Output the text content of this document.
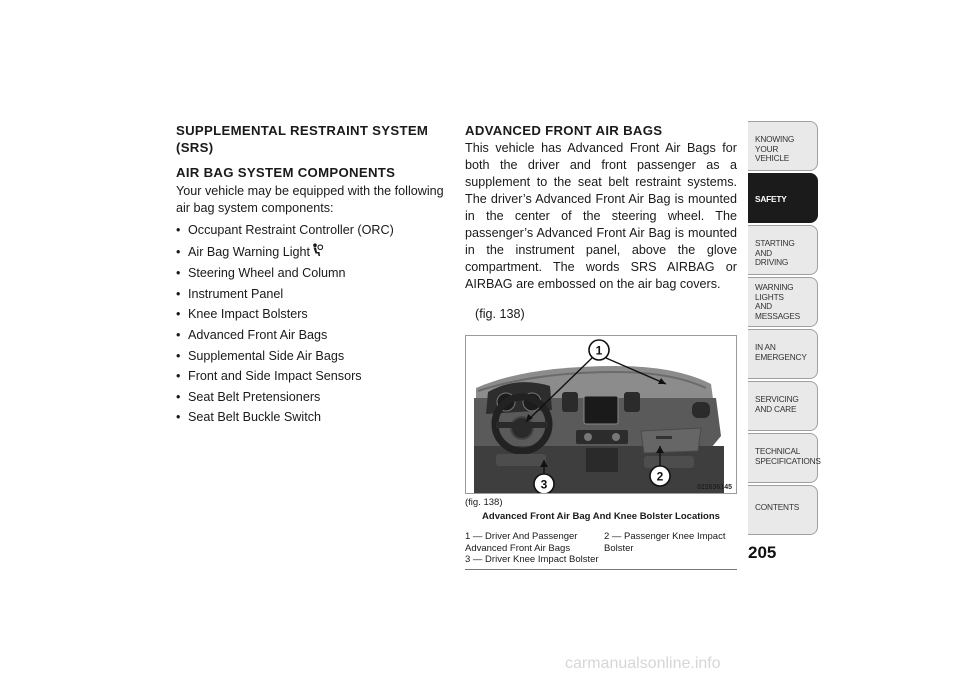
SUPPLEMENTAL RESTRAINT SYSTEM

(SRS)

AIR BAG SYSTEM COMPONENTS

Your vehicle may be equipped with the following air bag system components:

• Occupant Restraint Controller (ORC)
• Air Bag Warning Light
• Steering Wheel and Column
• Instrument Panel
• Knee Impact Bolsters
• Advanced Front Air Bags
• Supplemental Side Air Bags
• Front and Side Impact Sensors
• Seat Belt Pretensioners
• Seat Belt Buckle Switch

ADVANCED FRONT AIR BAGS

This vehicle has Advanced Front Air Bags for both the driver and front passenger as a supplement to the seat belt restraint systems. The driver’s Advanced Front Air Bag is mounted in the center of the steering wheel. The passenger’s Advanced Front Air Bag is mounted in the instrument panel, above the glove compartment. The words SRS AIRBAG or AIRBAG are embossed on the air bag covers.

(fig. 138)

1
2
3	022636145
(fig. 138)
Advanced Front Air Bag And Knee Bolster Locations
1 — Driver And Passenger Advanced Front Air Bags
2 — Passenger Knee Impact Bolster
3 — Driver Knee Impact Bolster
KNOWING
YOUR
VEHICLE
SAFETY
STARTING
AND
DRIVING
WARNING
LIGHTS
AND
MESSAGES
IN AN
EMERGENCY
SERVICING
AND CARE
TECHNICAL
SPECIFICATIONS
CONTENTS
205
carmanualsonline.info
